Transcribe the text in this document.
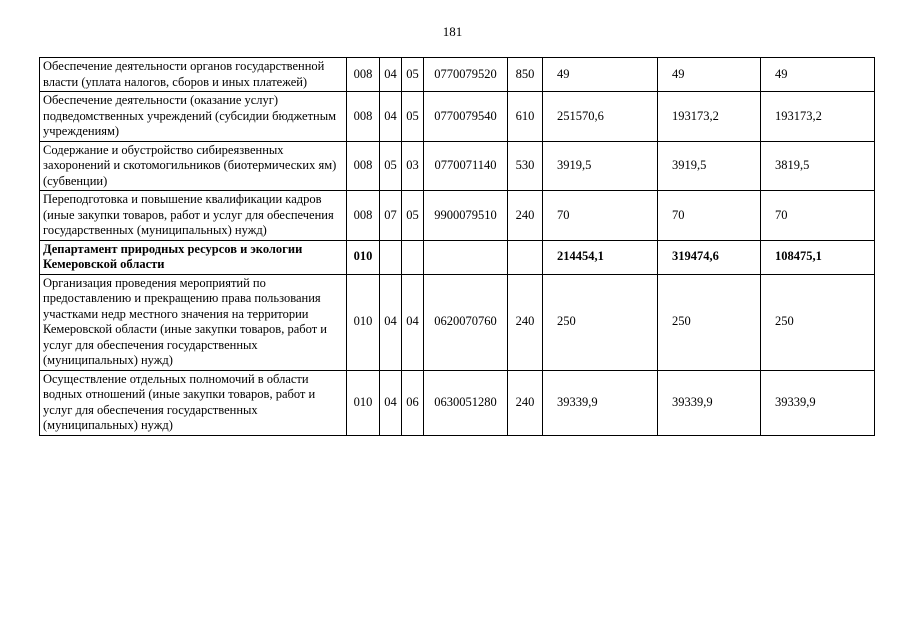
181
Обеспечение деятельности органов государственной власти (уплата налогов, сборов и иных платежей)	008	04	05	0770079520	850	49	49	49
Обеспечение деятельности (оказание услуг) подведомственных учреждений (субсидии бюджетным учреждениям)	008	04	05	0770079540	610	251570,6	193173,2	193173,2
Содержание и обустройство сибиреязвенных захоронений и скотомогильников (биотермических ям) (субвенции)	008	05	03	0770071140	530	3919,5	3919,5	3819,5
Переподготовка и повышение квалификации кадров (иные закупки товаров, работ и услуг для обеспечения государственных (муниципальных) нужд)	008	07	05	9900079510	240	70	70	70
Департамент природных ресурсов и экологии Кемеровской области	010					214454,1	319474,6	108475,1
Организация проведения мероприятий по предоставлению и прекращению права пользования участками недр местного значения на территории Кемеровской области (иные закупки товаров, работ и услуг для обеспечения государственных (муниципальных) нужд)	010	04	04	0620070760	240	250	250	250
Осуществление отдельных полномочий в области водных отношений (иные закупки товаров, работ и услуг для обеспечения государственных (муниципальных) нужд)	010	04	06	0630051280	240	39339,9	39339,9	39339,9
